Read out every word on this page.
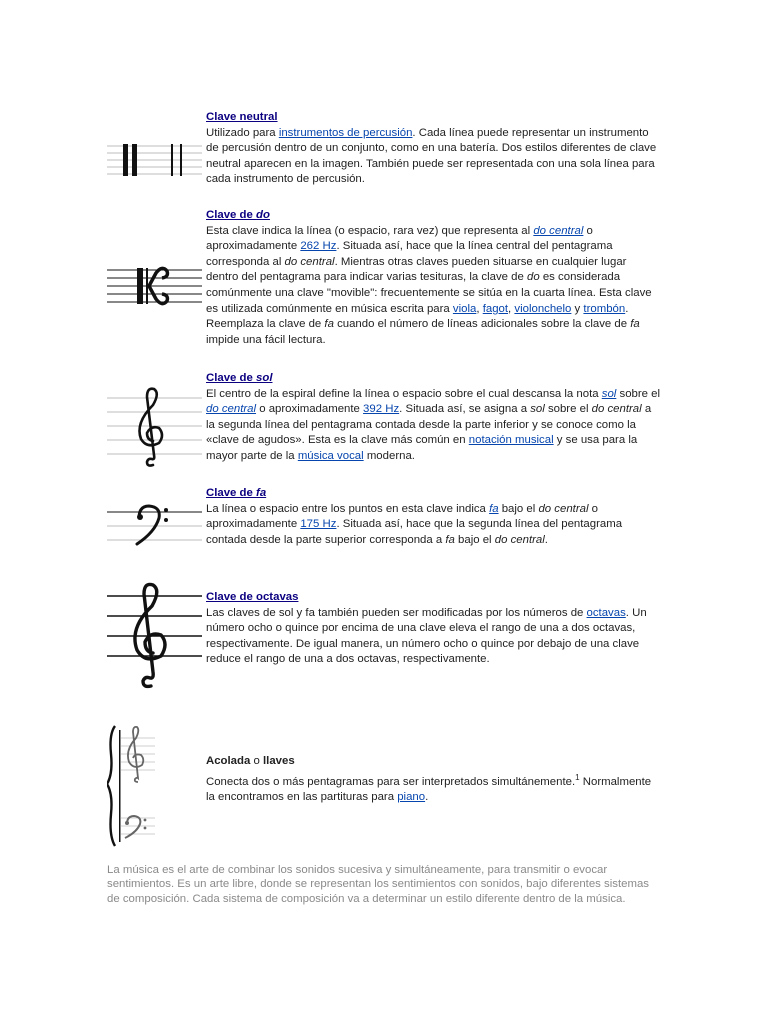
Clave neutral
Utilizado para instrumentos de percusión. Cada línea puede representar un instrumento de percusión dentro de un conjunto, como en una batería. Dos estilos diferentes de clave neutral aparecen en la imagen. También puede ser representada con una sola línea para cada instrumento de percusión.
Clave de do
Esta clave indica la línea (o espacio, rara vez) que representa al do central o aproximadamente 262 Hz. Situada así, hace que la línea central del pentagrama corresponda al do central. Mientras otras claves pueden situarse en cualquier lugar dentro del pentagrama para indicar varias tesituras, la clave de do es considerada comúnmente una clave "movible": frecuentemente se sitúa en la cuarta línea. Esta clave es utilizada comúnmente en música escrita para viola, fagot, violonchelo y trombón. Reemplaza la clave de fa cuando el número de líneas adicionales sobre la clave de fa impide una fácil lectura.
Clave de sol
El centro de la espiral define la línea o espacio sobre el cual descansa la nota sol sobre el do central o aproximadamente 392 Hz. Situada así, se asigna a sol sobre el do central a la segunda línea del pentagrama contada desde la parte inferior y se conoce como la «clave de agudos». Esta es la clave más común en notación musical y se usa para la mayor parte de la música vocal moderna.
Clave de fa
La línea o espacio entre los puntos en esta clave indica fa bajo el do central o aproximadamente 175 Hz. Situada así, hace que la segunda línea del pentagrama contada desde la parte superior corresponda a fa bajo el do central.
Clave de octavas
Las claves de sol y fa también pueden ser modificadas por los números de octavas. Un número ocho o quince por encima de una clave eleva el rango de una a dos octavas, respectivamente. De igual manera, un número ocho o quince por debajo de una clave reduce el rango de una a dos octavas, respectivamente.
Acolada o llaves
Conecta dos o más pentagramas para ser interpretados simultánemente.$^1$ Normalmente la encontramos en las partituras para piano.
La música es el arte de combinar los sonidos sucesiva y simultáneamente, para transmitir o evocar sentimientos. Es un arte libre, donde se representan los sentimientos con sonidos, bajo diferentes sistemas de composición. Cada sistema de composición va a determinar un estilo diferente dentro de la música.
